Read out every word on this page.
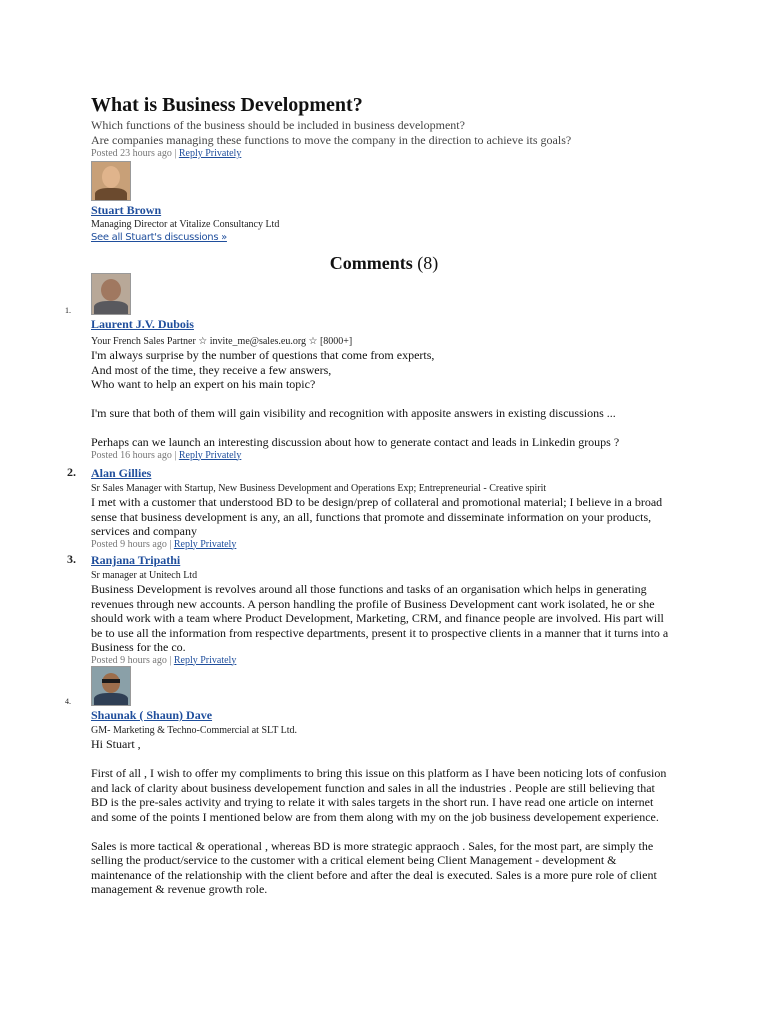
What is Business Development?
Which functions of the business should be included in business development?
Are companies managing these functions to move the company in the direction to achieve its goals?
Posted 23 hours ago | Reply Privately
Stuart Brown
Managing Director at Vitalize Consultancy Ltd
See all Stuart's discussions »
Comments (8)
1.
Laurent J.V. Dubois
Your French Sales Partner ☆ invite_me@sales.eu.org ☆ [8000+]

I'm always surprise by the number of questions that come from experts,

And most of the time, they receive a few answers,

Who want to help an expert on his main topic?

I'm sure that both of them will gain visibility and recognition with apposite answers in existing discussions ...

Perhaps can we launch an interesting discussion about how to generate contact and leads in Linkedin groups ?

Posted 16 hours ago | Reply Privately
2. Alan Gillies
Sr Sales Manager with Startup, New Business Development and Operations Exp; Entrepreneurial - Creative spirit
I met with a customer that understood BD to be design/prep of collateral and promotional material; I believe in a broad sense that business development is any, an all, functions that promote and disseminate information on your products, services and company
Posted 9 hours ago | Reply Privately
3. Ranjana Tripathi
Sr manager at Unitech Ltd
Business Development is revolves around all those functions and tasks of an organisation which helps in generating revenues through new accounts. A person handling the profile of Business Development cant work isolated, he or she should work with a team where Product Development, Marketing, CRM, and finance people are involved. His part will be to use all the information from respective departments, present it to prospective clients in a manner that it turns into a Business for the co.
Posted 9 hours ago | Reply Privately
4.
Shaunak ( Shaun) Dave
GM- Marketing & Techno-Commercial at SLT Ltd.

Hi Stuart ,

First of all , I wish to offer my compliments to bring this issue on this platform as I have been noticing lots of confusion and lack of clarity about business developement function and sales in all the industries . People are still believing that BD is the pre-sales activity and trying to relate it with sales targets in the short run. I have read one article on internet and some of the points I mentioned below are from them along with my on the job business developement experience.

Sales is more tactical & operational , whereas BD is more strategic appraoch . Sales, for the most part, are simply the selling the product/service to the customer with a critical element being Client Management - development & maintenance of the relationship with the client before and after the deal is executed. Sales is a more pure role of client management & revenue growth role.
